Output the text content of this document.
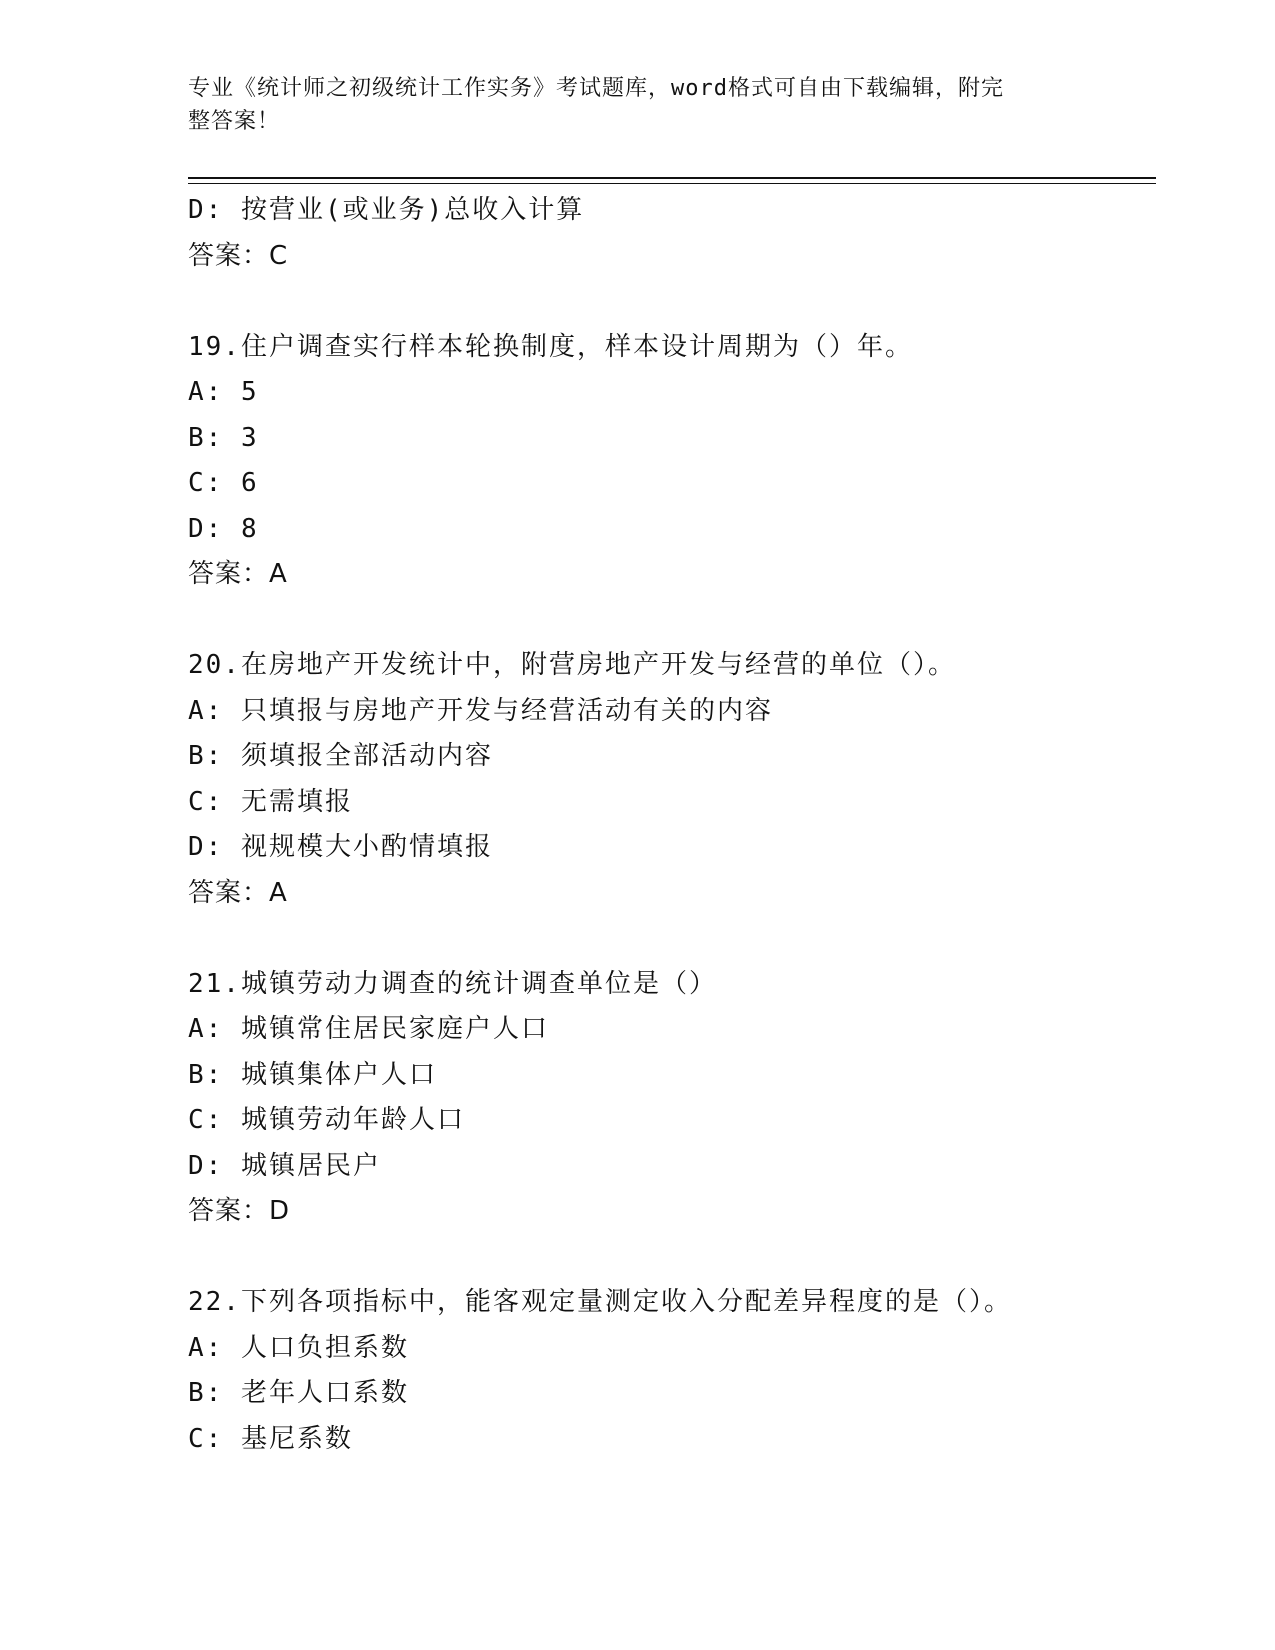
专业《统计师之初级统计工作实务》考试题库，word格式可自由下载编辑，附完
整答案！
D: 按营业(或业务)总收入计算
答案：C
19.住户调查实行样本轮换制度，样本设计周期为（）年。
A: 5
B: 3
C: 6
D: 8
答案：A
20.在房地产开发统计中，附营房地产开发与经营的单位（）。
A: 只填报与房地产开发与经营活动有关的内容
B: 须填报全部活动内容
C: 无需填报
D: 视规模大小酌情填报
答案：A
21.城镇劳动力调查的统计调查单位是（）
A: 城镇常住居民家庭户人口
B: 城镇集体户人口
C: 城镇劳动年龄人口
D: 城镇居民户
答案：D
22.下列各项指标中，能客观定量测定收入分配差异程度的是（）。
A: 人口负担系数
B: 老年人口系数
C: 基尼系数
